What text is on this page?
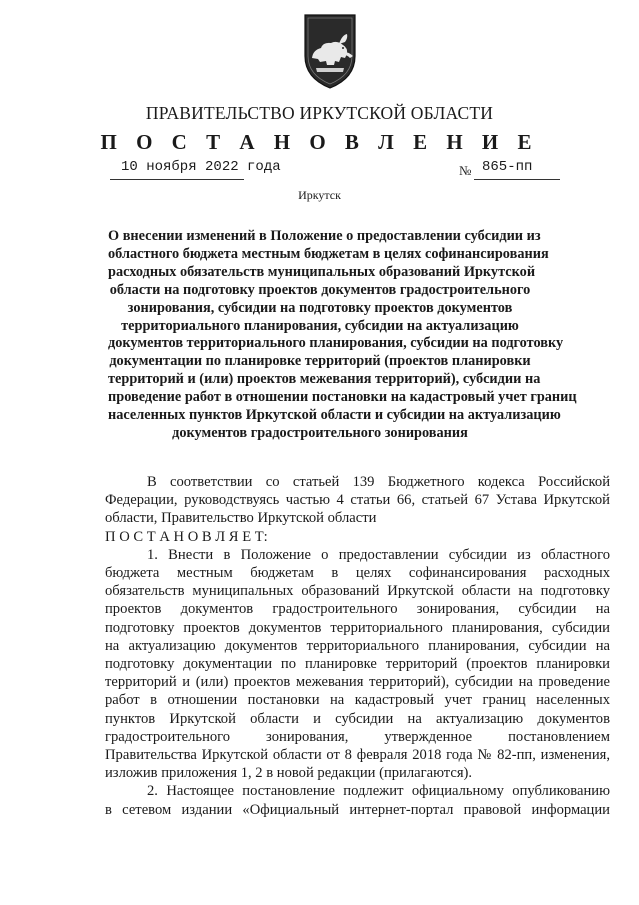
ПРАВИТЕЛЬСТВО ИРКУТСКОЙ ОБЛАСТИ
П О С Т А Н О В Л Е Н И Е
10 ноября 2022 года	№ 865-пп
Иркутск
О внесении изменений в Положение о предоставлении субсидии из
областного бюджета местным бюджетам в целях софинансирования
расходных обязательств муниципальных образований Иркутской
области на подготовку проектов документов градостроительного
зонирования, субсидии на подготовку проектов документов
территориального планирования, субсидии на актуализацию
документов территориального планирования, субсидии на подготовку
документации по планировке территорий (проектов планировки
территорий и (или) проектов межевания территорий), субсидии на
проведение работ в отношении постановки на кадастровый учет границ
населенных пунктов Иркутской области и субсидии на актуализацию
документов градостроительного зонирования
В соответствии со статьей 139 Бюджетного кодекса Российской
Федерации, руководствуясь частью 4 статьи 66, статьей 67 Устава Иркутской
области, Правительство Иркутской области
П О С Т А Н О В Л Я Е Т:
1. Внести в Положение о предоставлении субсидии из областного
бюджета местным бюджетам в целях софинансирования расходных
обязательств муниципальных образований Иркутской области на подготовку
проектов документов градостроительного зонирования, субсидии на
подготовку проектов документов территориального планирования, субсидии
на актуализацию документов территориального планирования, субсидии на
подготовку документации по планировке территорий (проектов планировки
территорий и (или) проектов межевания территорий), субсидии на проведение
работ в отношении постановки на кадастровый учет границ населенных
пунктов Иркутской области и субсидии на актуализацию документов
градостроительного зонирования, утвержденное постановлением
Правительства Иркутской области от 8 февраля 2018 года № 82-пп, изменения,
изложив приложения 1, 2 в новой редакции (прилагаются).
2. Настоящее постановление подлежит официальному опубликованию
в сетевом издании «Официальный интернет-портал правовой информации
